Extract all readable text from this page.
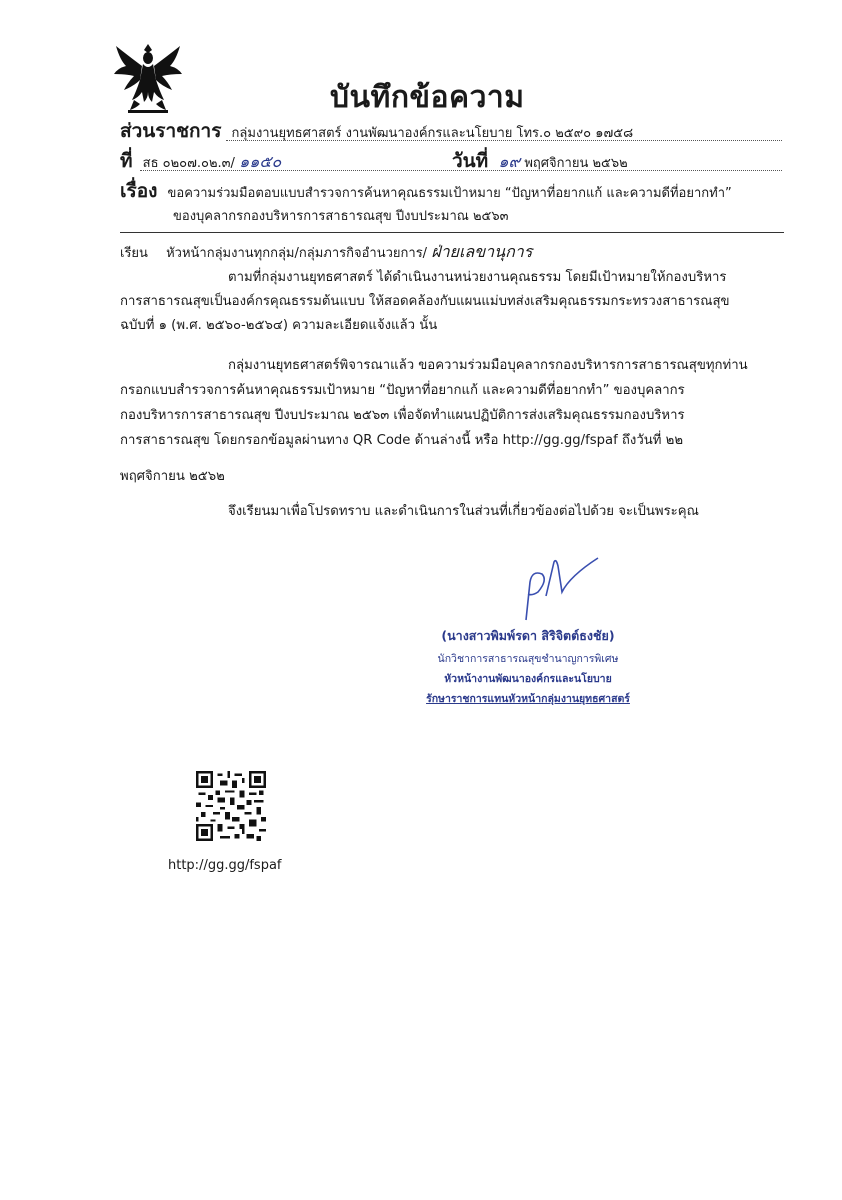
บันทึกข้อความ
ส่วนราชการ กลุ่มงานยุทธศาสตร์ งานพัฒนาองค์กรและนโยบาย โทร.๐ ๒๕๙๐ ๑๗๕๘
ที่ สธ ๐๒๐๗.๐๒.๓/ ๑๑๕๐	วันที่ ๑๙ พฤศจิกายน ๒๕๖๒
เรื่อง ขอความร่วมมือตอบแบบสำรวจการค้นหาคุณธรรมเป้าหมาย “ปัญหาที่อยากแก้ และความดีที่อยากทำ”
ของบุคลากรกองบริหารการสาธารณสุข ปีงบประมาณ ๒๕๖๓
เรียน หัวหน้ากลุ่มงานทุกกลุ่ม/กลุ่มภารกิจอำนวยการ/ ฝ่ายเลขานุการ
ตามที่กลุ่มงานยุทธศาสตร์ ได้ดำเนินงานหน่วยงานคุณธรรม โดยมีเป้าหมายให้กองบริหาร
การสาธารณสุขเป็นองค์กรคุณธรรมต้นแบบ ให้สอดคล้องกับแผนแม่บทส่งเสริมคุณธรรมกระทรวงสาธารณสุข
ฉบับที่ ๑ (พ.ศ. ๒๕๖๐-๒๕๖๔) ความละเอียดแจ้งแล้ว นั้น
กลุ่มงานยุทธศาสตร์พิจารณาแล้ว ขอความร่วมมือบุคลากรกองบริหารการสาธารณสุขทุกท่าน
กรอกแบบสำรวจการค้นหาคุณธรรมเป้าหมาย “ปัญหาที่อยากแก้ และความดีที่อยากทำ” ของบุคลากร
กองบริหารการสาธารณสุข ปีงบประมาณ ๒๕๖๓ เพื่อจัดทำแผนปฏิบัติการส่งเสริมคุณธรรมกองบริหาร
การสาธารณสุข โดยกรอกข้อมูลผ่านทาง QR Code ด้านล่างนี้ หรือ http://gg.gg/fspaf ถึงวันที่ ๒๒
พฤศจิกายน ๒๕๖๒
จึงเรียนมาเพื่อโปรดทราบ และดำเนินการในส่วนที่เกี่ยวข้องต่อไปด้วย จะเป็นพระคุณ
(นางสาวพิมพ์รดา สิริจิตต์ธงชัย)
นักวิชาการสาธารณสุขชำนาญการพิเศษ
หัวหน้างานพัฒนาองค์กรและนโยบาย
รักษาราชการแทนหัวหน้ากลุ่มงานยุทธศาสตร์
http://gg.gg/fspaf
